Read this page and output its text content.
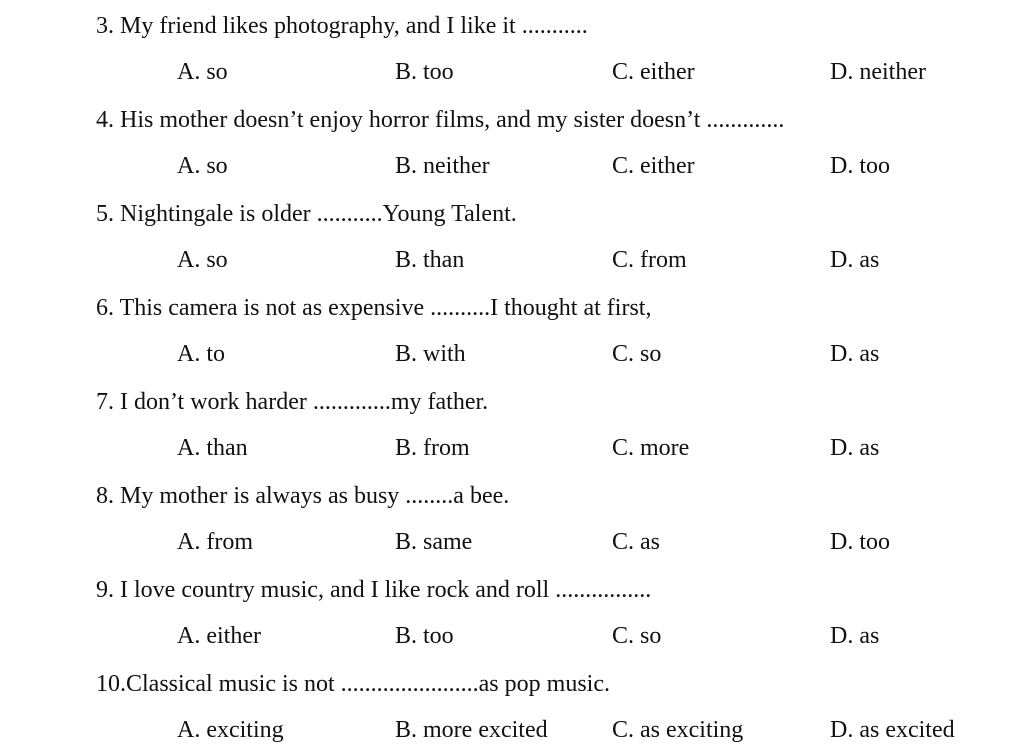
3. My friend likes photography, and I like it ...........
A. so	B. too	C. either	D. neither
4. His mother doesn’t enjoy horror films, and my sister doesn’t .............
A. so	B. neither	C. either	D. too
5. Nightingale is older ...........Young Talent.
A. so	B. than	C. from	D. as
6. This camera is not as expensive ..........I thought at first,
A. to	B. with	C. so	D. as
7. I don’t work harder .............my father.
A. than	B. from	C. more	D. as
8. My mother is always as busy ........a bee.
A. from	B. same	C. as	D. too
9. I love country music, and I like rock and roll ................
A. either	B. too	C. so	D. as
10.Classical music is not .......................as pop music.
A. exciting	B. more excited	C. as exciting	D. as excited
